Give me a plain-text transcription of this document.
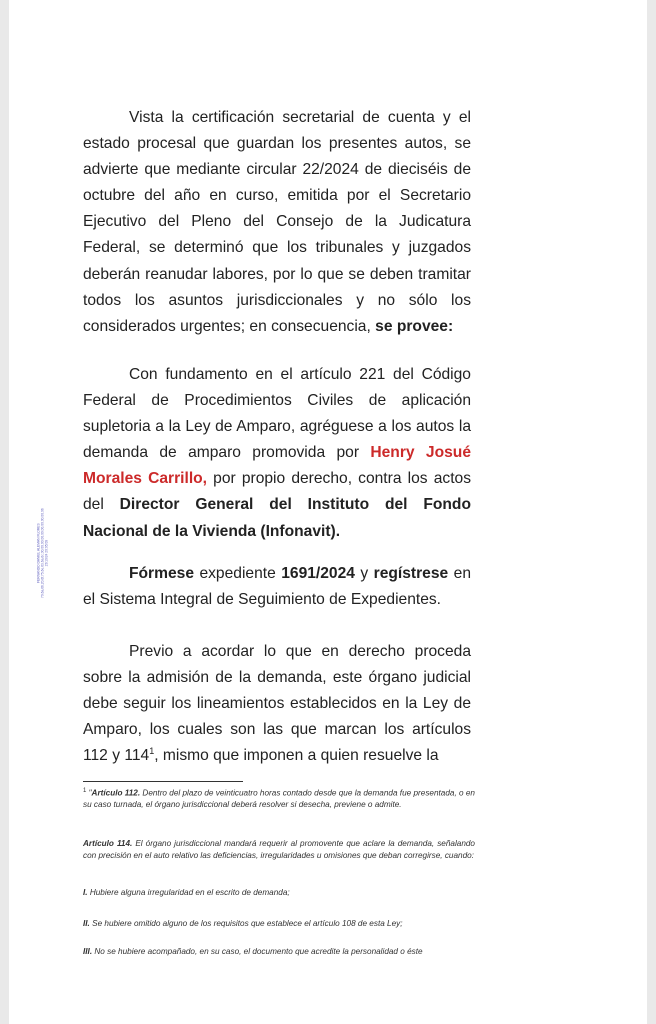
FERNANDO DANIEL ALEMAN FLORES 70.6a.66.20.6f.75.6e.63.6a.6c.00.00.00.00.00.00.00.00.00.06 15/10/24 20:05:09

Vista la certificación secretarial de cuenta y el estado procesal que guardan los presentes autos, se advierte que mediante circular 22/2024 de dieciséis de octubre del año en curso, emitida por el Secretario Ejecutivo del Pleno del Consejo de la Judicatura Federal, se determinó que los tribunales y juzgados deberán reanudar labores, por lo que se deben tramitar todos los asuntos jurisdiccionales y no sólo los considerados urgentes; en consecuencia, se provee:

Con fundamento en el artículo 221 del Código Federal de Procedimientos Civiles de aplicación supletoria a la Ley de Amparo, agréguese a los autos la demanda de amparo promovida por Henry Josué Morales Carrillo, por propio derecho, contra los actos del Director General del Instituto del Fondo Nacional de la Vivienda (Infonavit).

Fórmese expediente 1691/2024 y regístrese en el Sistema Integral de Seguimiento de Expedientes.

Previo a acordar lo que en derecho proceda sobre la admisión de la demanda, este órgano judicial debe seguir los lineamientos establecidos en la Ley de Amparo, los cuales son las que marcan los artículos 112 y $114^1$, mismo que imponen a quien resuelve la

$^1$ "Artículo 112. Dentro del plazo de veinticuatro horas contado desde que la demanda fue presentada, o en su caso turnada, el órgano jurisdiccional deberá resolver si desecha, previene o admite.

Artículo 114. El órgano jurisdiccional mandará requerir al promovente que aclare la demanda, señalando con precisión en el auto relativo las deficiencias, irregularidades u omisiones que deban corregirse, cuando:

I. Hubiere alguna irregularidad en el escrito de demanda;

II. Se hubiere omitido alguno de los requisitos que establece el artículo 108 de esta Ley;

III. No se hubiere acompañado, en su caso, el documento que acredite la personalidad o éste
